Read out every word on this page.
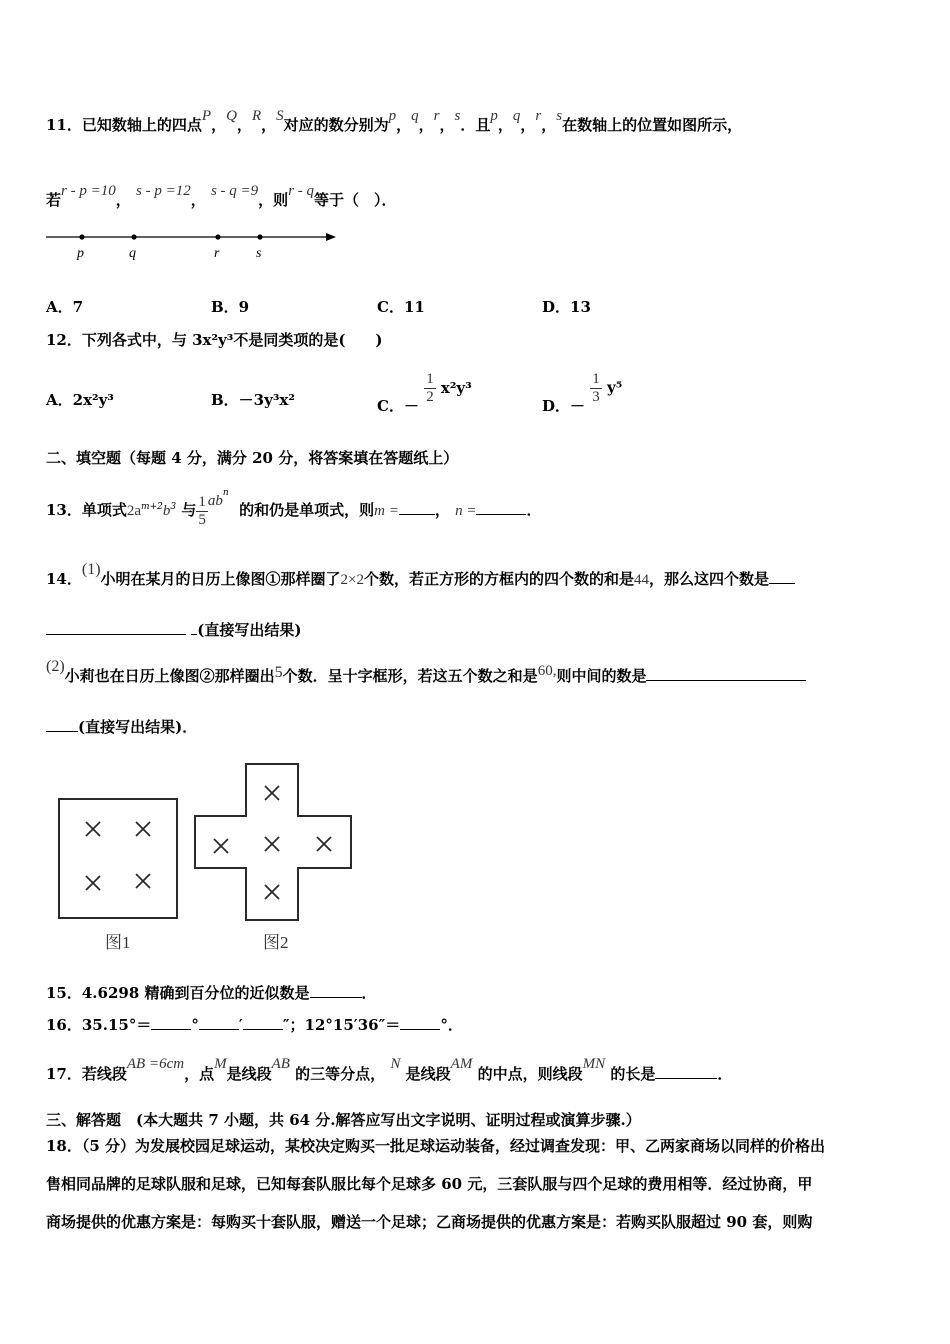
11．已知数轴上的四点P，Q，R，S对应的数分别为p，q，r，s．且p，q，r，s在数轴上的位置如图所示，
若r - p =10， s - p =12， s - q =9，则r - q等于（　）．
p	q	r	s
A．7	B．9	C．11	D．13
12．下列各式中，与 3x²y³不是同类项的是(　　)
A．2x²y³	B．－3y³x²	C．－ $\frac{1}{2} x^2y^3$
D．－ $\frac{1}{3} y^5$
二、填空题（每题 4 分，满分 20 分，将答案填在答题纸上）
13．单项式$2a^{m+2}b^3$ 与 $\frac{1}{5} ab^n$  的和仍是单项式，则m = ， n =	．
14．(1)小明在某月的日历上像图①那样圈了2×2个数，若正方形的方框内的四个数的和是44，那么这四个数是
(直接写出结果)
(2)小莉也在日历上像图②那样圈出5个数．呈十字框形，若这五个数之和是60,则中间的数是
(直接写出结果)．
图1	图2
15．4.6298 精确到百分位的近似数是	．
16．35.15°＝	°	′	″；12°15′36″＝	°．
17．若线段AB =6cm，点M是线段AB 的三等分点， N 是线段AM 的中点，则线段MN 的长是	．
三、解答题　(本大题共 7 小题，共 64 分.解答应写出文字说明、证明过程或演算步骤.）
18．（5 分）为发展校园足球运动，某校决定购买一批足球运动装备，经过调查发现：甲、乙两家商场以同样的价格出
售相同品牌的足球队服和足球，已知每套队服比每个足球多 60 元，三套队服与四个足球的费用相等．经过协商，甲
商场提供的优惠方案是：每购买十套队服，赠送一个足球；乙商场提供的优惠方案是：若购买队服超过 90 套，则购
